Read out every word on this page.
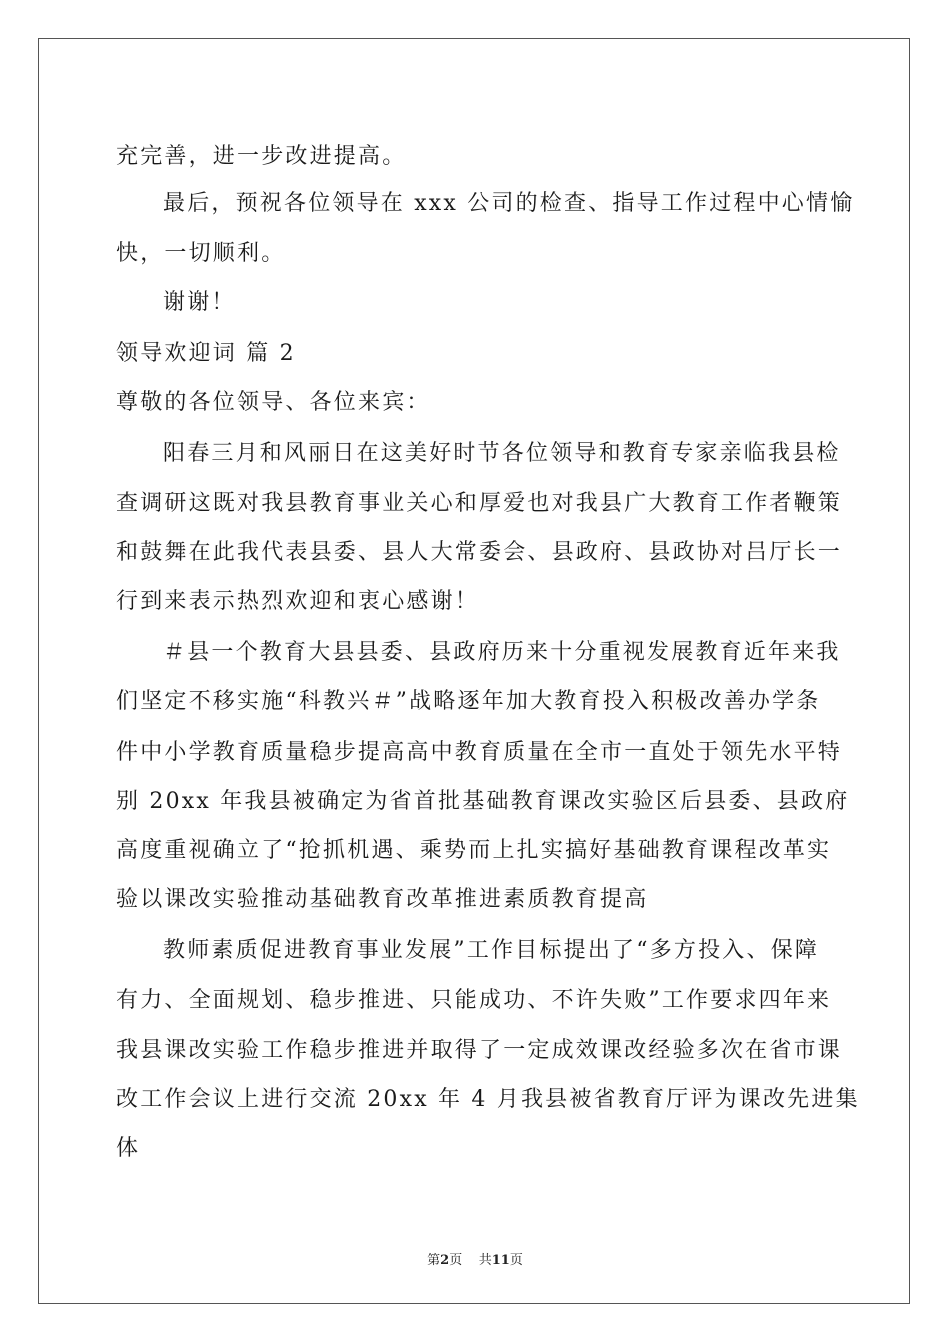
充完善，进一步改进提高。
最后，预祝各位领导在 xxx 公司的检查、指导工作过程中心情愉
快，一切顺利。
谢谢！
领导欢迎词 篇 2
尊敬的各位领导、各位来宾：
阳春三月和风丽日在这美好时节各位领导和教育专家亲临我县检
查调研这既对我县教育事业关心和厚爱也对我县广大教育工作者鞭策
和鼓舞在此我代表县委、县人大常委会、县政府、县政协对吕厅长一
行到来表示热烈欢迎和衷心感谢！
＃县一个教育大县县委、县政府历来十分重视发展教育近年来我
们坚定不移实施“科教兴＃”战略逐年加大教育投入积极改善办学条
件中小学教育质量稳步提高高中教育质量在全市一直处于领先水平特
别 20xx 年我县被确定为省首批基础教育课改实验区后县委、县政府
高度重视确立了“抢抓机遇、乘势而上扎实搞好基础教育课程改革实
验以课改实验推动基础教育改革推进素质教育提高
教师素质促进教育事业发展”工作目标提出了“多方投入、保障
有力、全面规划、稳步推进、只能成功、不许失败”工作要求四年来
我县课改实验工作稳步推进并取得了一定成效课改经验多次在省市课
改工作会议上进行交流 20xx 年 4 月我县被省教育厅评为课改先进集
体
第2页 共11页
